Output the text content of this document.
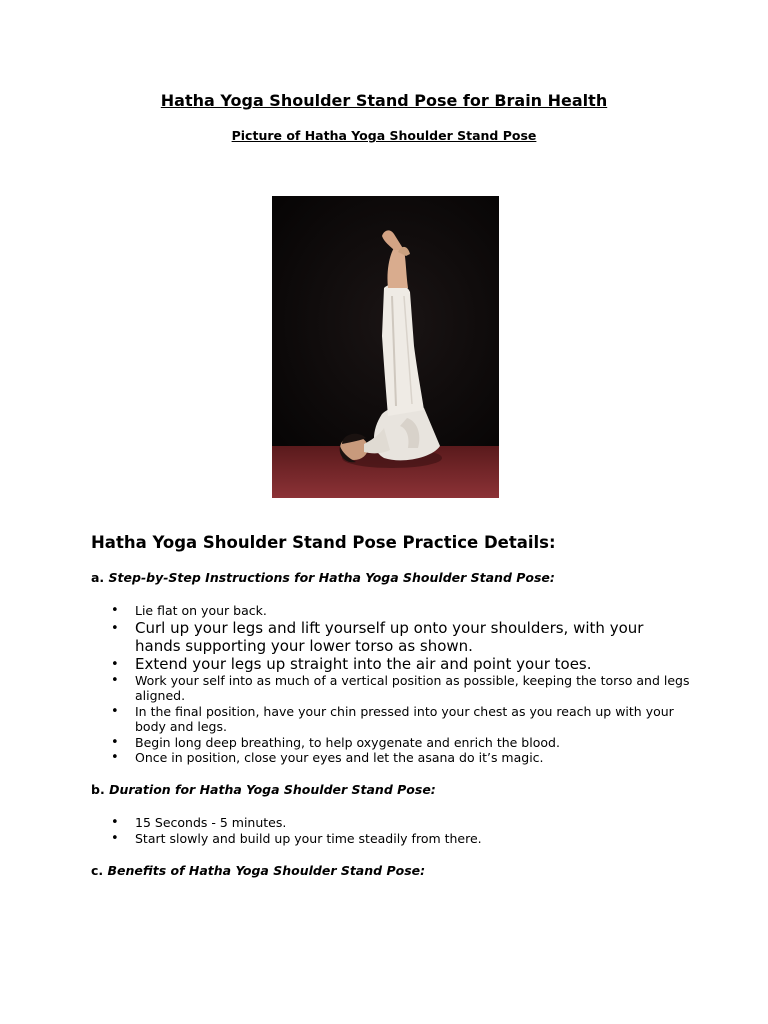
Hatha Yoga Shoulder Stand Pose for Brain Health
Picture of Hatha Yoga Shoulder Stand Pose
Hatha Yoga Shoulder Stand Pose Practice Details:
a. Step-by-Step Instructions for Hatha Yoga Shoulder Stand Pose:
• Lie flat on your back.
• Curl up your legs and lift yourself up onto your shoulders, with your hands supporting your lower torso as shown.
• Extend your legs up straight into the air and point your toes.
• Work your self into as much of a vertical position as possible, keeping the torso and legs aligned.
• In the final position, have your chin pressed into your chest as you reach up with your body and legs.
• Begin long deep breathing, to help oxygenate and enrich the blood.
• Once in position, close your eyes and let the asana do it’s magic.
b. Duration for Hatha Yoga Shoulder Stand Pose:
• 15 Seconds - 5 minutes.
• Start slowly and build up your time steadily from there.
c. Benefits of Hatha Yoga Shoulder Stand Pose:
